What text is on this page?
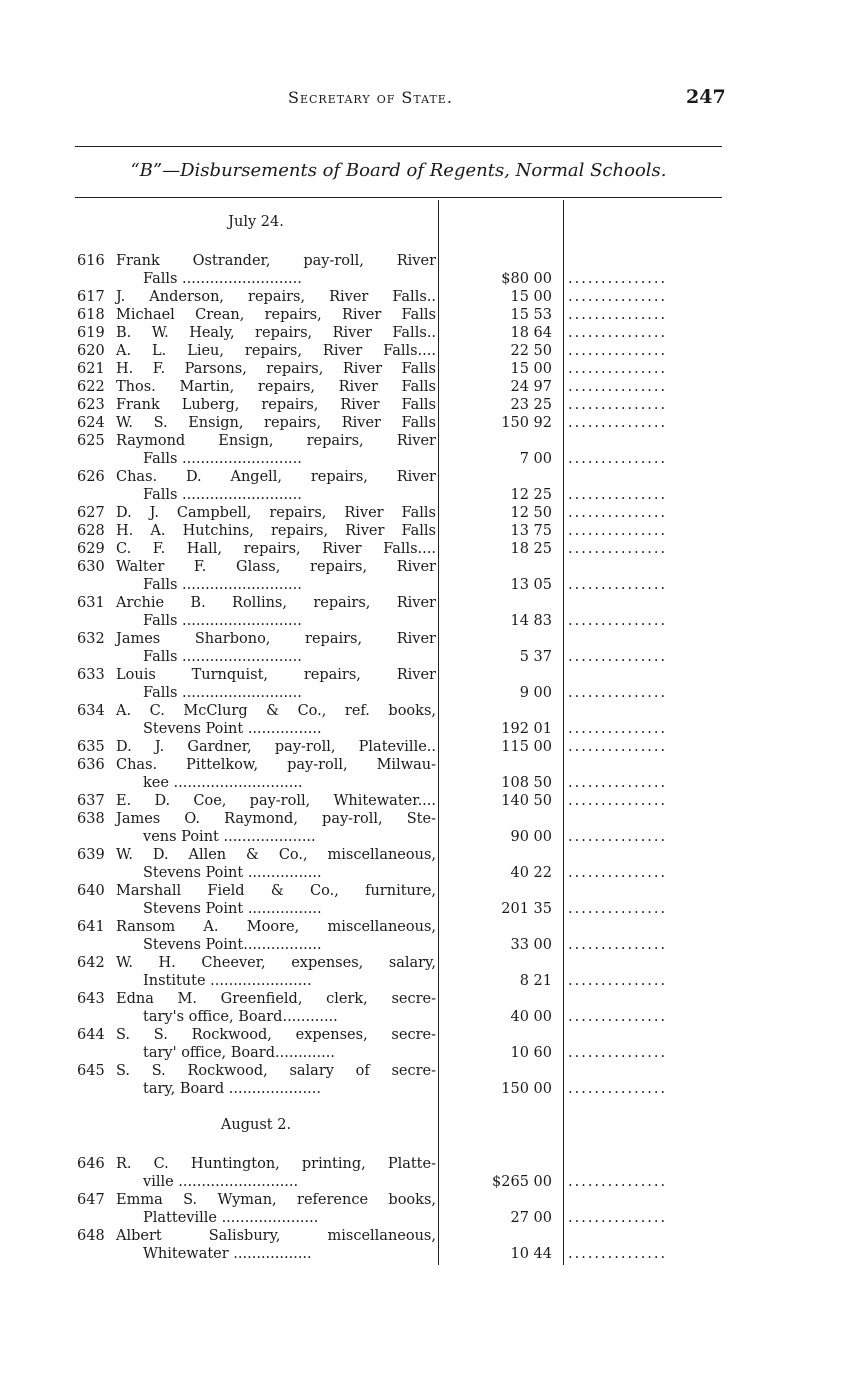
Secretary of State.	247
“B”—Disbursements of Board of Regents, Normal Schools.
July 24.
616 Frank Ostrander, pay-roll, River
Falls ..........................	$80 00 ...............
617 J. Anderson, repairs, River Falls..	15 00 ...............
618 Michael Crean, repairs, River Falls	15 53 ...............
619 B. W. Healy, repairs, River Falls..	18 64 ...............
620 A. L. Lieu, repairs, River Falls....	22 50 ...............
621 H. F. Parsons, repairs, River Falls	15 00 ...............
622 Thos. Martin, repairs, River Falls	24 97 ...............
623 Frank Luberg, repairs, River Falls	23 25 ...............
624 W. S. Ensign, repairs, River Falls	150 92 ...............
625 Raymond Ensign, repairs, River
Falls ..........................	7 00 ...............
626 Chas. D. Angell, repairs, River
Falls ..........................	12 25 ...............
627 D. J. Campbell, repairs, River Falls	12 50 ...............
628 H. A. Hutchins, repairs, River Falls	13 75 ...............
629 C. F. Hall, repairs, River Falls....	18 25 ...............
630 Walter F. Glass, repairs, River
Falls ..........................	13 05 ...............
631 Archie B. Rollins, repairs, River
Falls ..........................	14 83 ...............
632 James Sharbono, repairs, River
Falls ..........................	5 37 ...............
633 Louis Turnquist, repairs, River
Falls ..........................	9 00 ...............
634 A. C. McClurg & Co., ref. books,
Stevens Point ................	192 01 ...............
635 D. J. Gardner, pay-roll, Plateville..	115 00 ...............
636 Chas. Pittelkow, pay-roll, Milwau-
kee ............................	108 50 ...............
637 E. D. Coe, pay-roll, Whitewater....	140 50 ...............
638 James O. Raymond, pay-roll, Ste-
vens Point ....................	90 00 ...............
639 W. D. Allen & Co., miscellaneous,
Stevens Point ................	40 22 ...............
640 Marshall Field & Co., furniture,
Stevens Point ................	201 35 ...............
641 Ransom A. Moore, miscellaneous,
Stevens Point.................	33 00 ...............
642 W. H. Cheever, expenses, salary,
Institute ......................	8 21 ...............
643 Edna M. Greenfield, clerk, secre-
tary's office, Board............	40 00 ...............
644 S. S. Rockwood, expenses, secre-
tary' office, Board.............	10 60 ...............
645 S. S. Rockwood, salary of secre-
tary, Board ....................	150 00 ...............
August 2.
646 R. C. Huntington, printing, Platte-
ville ..........................	$265 00 ...............
647 Emma S. Wyman, reference books,
Platteville .....................	27 00 ...............
648 Albert Salisbury, miscellaneous,
Whitewater .................	10 44 ...............
